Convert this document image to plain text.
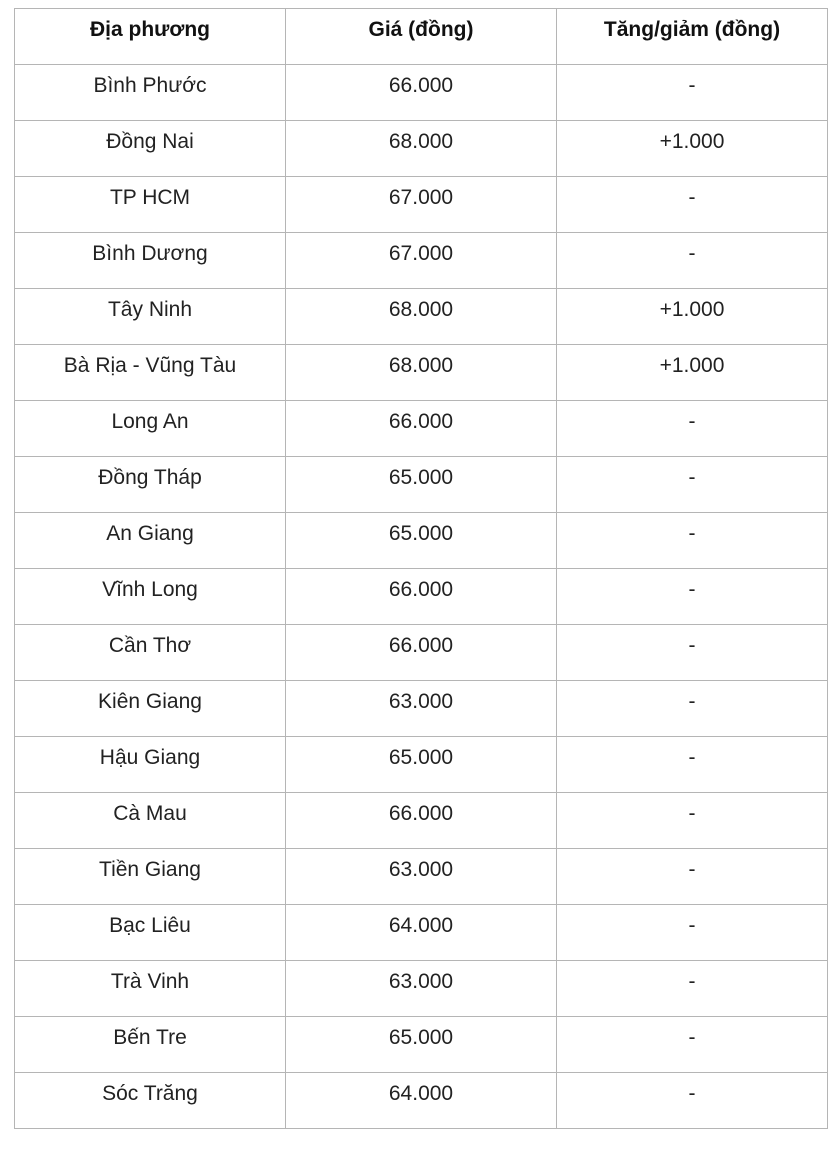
Địa phương	Giá (đồng)	Tăng/giảm (đồng)
Bình Phước	66.000	-
Đồng Nai	68.000	+1.000
TP HCM	67.000	-
Bình Dương	67.000	-
Tây Ninh	68.000	+1.000
Bà Rịa - Vũng Tàu	68.000	+1.000
Long An	66.000	-
Đồng Tháp	65.000	-
An Giang	65.000	-
Vĩnh Long	66.000	-
Cần Thơ	66.000	-
Kiên Giang	63.000	-
Hậu Giang	65.000	-
Cà Mau	66.000	-
Tiền Giang	63.000	-
Bạc Liêu	64.000	-
Trà Vinh	63.000	-
Bến Tre	65.000	-
Sóc Trăng	64.000	-
